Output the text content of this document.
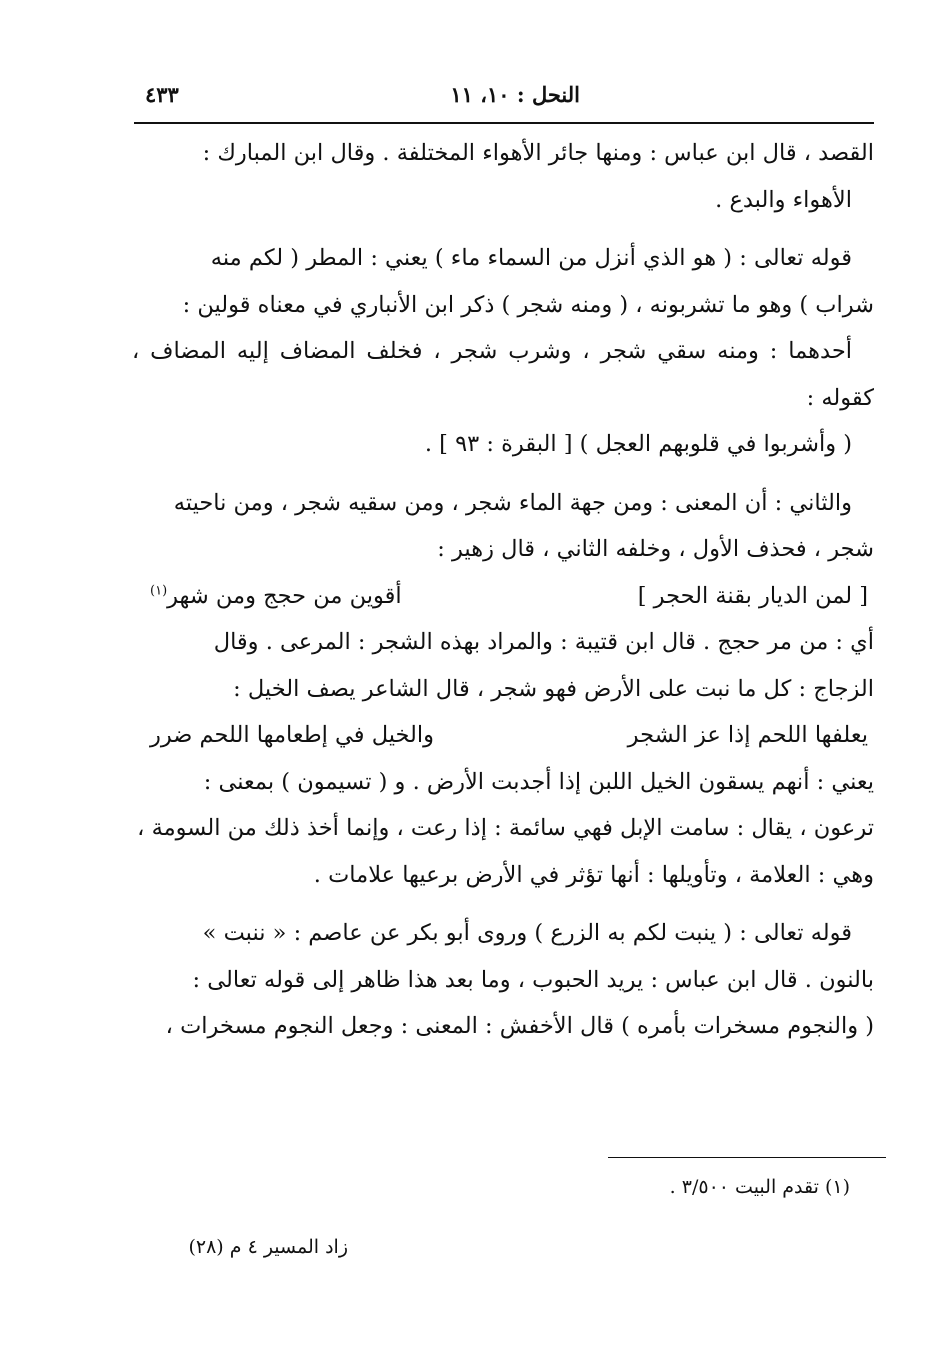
النحل : ١٠، ١١
٤٣٣

القصد ، قال ابن عباس : ومنها جائر الأهواء المختلفة . وقال ابن المبارك :

الأهواء والبدع .

قوله تعالى : ( هو الذي أنزل من السماء ماء ) يعني : المطر ( لكم منه

شراب ) وهو ما تشربونه ، ( ومنه شجر ) ذكر ابن الأنباري في معناه قولين :

أحدهما : ومنه سقي شجر ، وشرب شجر ، فخلف المضاف إليه المضاف ، كقوله :

( وأشربوا في قلوبهم العجل ) [ البقرة : ٩٣ ] .

والثاني : أن المعنى : ومن جهة الماء شجر ، ومن سقيه شجر ، ومن ناحيته

شجر ، فحذف الأول ، وخلفه الثاني ، قال زهير :

[ لمن الديار بقنة الحجر ]
أقوين من حجج ومن شهر$^{(١)}$

أي : من مر حجج . قال ابن قتيبة : والمراد بهذه الشجر : المرعى . وقال

الزجاج : كل ما نبت على الأرض فهو شجر ، قال الشاعر يصف الخيل :

يعلفها اللحم إذا عز الشجر
والخيل في إطعامها اللحم ضرر

يعني : أنهم يسقون الخيل اللبن إذا أجدبت الأرض . و ( تسيمون ) بمعنى :

ترعون ، يقال : سامت الإبل فهي سائمة : إذا رعت ، وإنما أخذ ذلك من السومة ،

وهي : العلامة ، وتأويلها : أنها تؤثر في الأرض برعيها علامات .

قوله تعالى : ( ينبت لكم به الزرع ) وروى أبو بكر عن عاصم : « ننبت »

بالنون . قال ابن عباس : يريد الحبوب ، وما بعد هذا ظاهر إلى قوله تعالى :

( والنجوم مسخرات بأمره ) قال الأخفش : المعنى : وجعل النجوم مسخرات ،

(١) تقدم البيت ٣/٥٠٠ .
زاد المسير ٤ م (٢٨)
